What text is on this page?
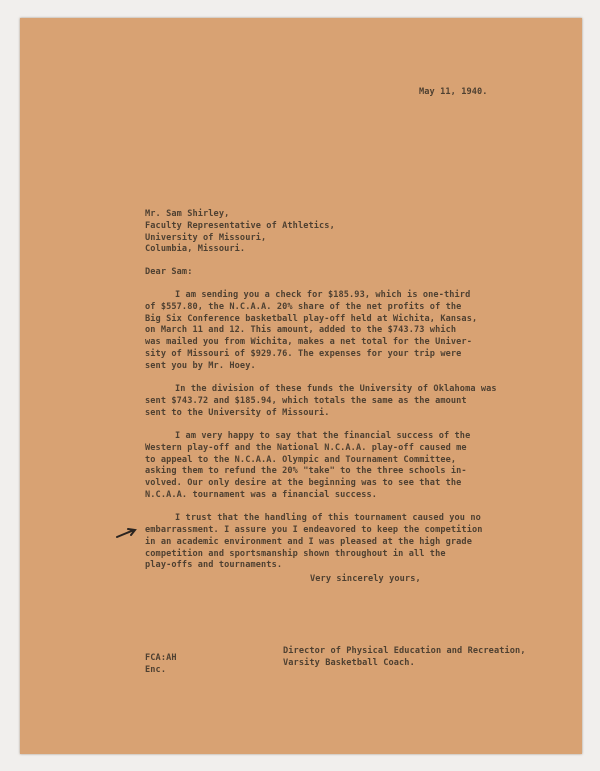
May 11, 1940.
Mr. Sam Shirley,
Faculty Representative of Athletics,
University of Missouri,
Columbia, Missouri.
Dear Sam:
I am sending you a check for $185.93, which is one-third
of $557.80, the N.C.A.A. 20% share of the net profits of the
Big Six Conference basketball play-off held at Wichita, Kansas,
on March 11 and 12. This amount, added to the $743.73 which
was mailed you from Wichita, makes a net total for the Univer-
sity of Missouri of $929.76. The expenses for your trip were
sent you by Mr. Hoey.
In the division of these funds the University of Oklahoma was
sent $743.72 and $185.94, which totals the same as the amount
sent to the University of Missouri.
I am very happy to say that the financial success of the
Western play-off and the National N.C.A.A. play-off caused me
to appeal to the N.C.A.A. Olympic and Tournament Committee,
asking them to refund the 20% "take" to the three schools in-
volved. Our only desire at the beginning was to see that the
N.C.A.A. tournament was a financial success.
I trust that the handling of this tournament caused you no
embarrassment. I assure you I endeavored to keep the competition
in an academic environment and I was pleased at the high grade
competition and sportsmanship shown throughout in all the
play-offs and tournaments.
Very sincerely yours,
Director of Physical Education and Recreation,
Varsity Basketball Coach.
FCA:AH
Enc.
